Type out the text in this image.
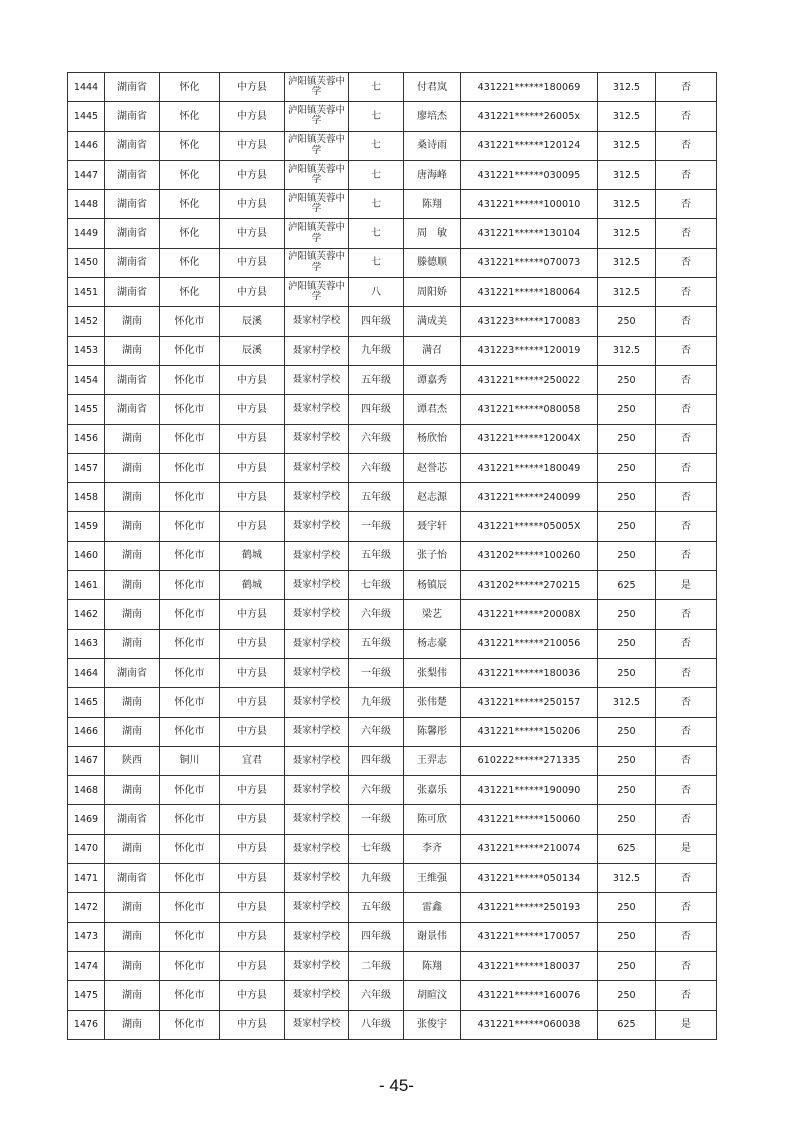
1444	湖南省	怀化	中方县	泸阳镇芙蓉中学	七	付君岚	431221******180069	312.5	否
1445	湖南省	怀化	中方县	泸阳镇芙蓉中学	七	廖培杰	431221******26005x	312.5	否
1446	湖南省	怀化	中方县	泸阳镇芙蓉中学	七	桑诗雨	431221******120124	312.5	否
1447	湖南省	怀化	中方县	泸阳镇芙蓉中学	七	唐海峰	431221******030095	312.5	否
1448	湖南省	怀化	中方县	泸阳镇芙蓉中学	七	陈翔	431221******100010	312.5	否
1449	湖南省	怀化	中方县	泸阳镇芙蓉中学	七	周　敏	431221******130104	312.5	否
1450	湖南省	怀化	中方县	泸阳镇芙蓉中学	七	滕德顺	431221******070073	312.5	否
1451	湖南省	怀化	中方县	泸阳镇芙蓉中学	八	周阳娇	431221******180064	312.5	否
1452	湖南	怀化市	辰溪	聂家村学校	四年级	满成美	431223******170083	250	否
1453	湖南	怀化市	辰溪	聂家村学校	九年级	满召	431223******120019	312.5	否
1454	湖南省	怀化市	中方县	聂家村学校	五年级	谭嘉秀	431221******250022	250	否
1455	湖南省	怀化市	中方县	聂家村学校	四年级	谭君杰	431221******080058	250	否
1456	湖南	怀化市	中方县	聂家村学校	六年级	杨欣怡	431221******12004X	250	否
1457	湖南	怀化市	中方县	聂家村学校	六年级	赵誉芯	431221******180049	250	否
1458	湖南	怀化市	中方县	聂家村学校	五年级	赵志源	431221******240099	250	否
1459	湖南	怀化市	中方县	聂家村学校	一年级	聂宇轩	431221******05005X	250	否
1460	湖南	怀化市	鹤城	聂家村学校	五年级	张子怡	431202******100260	250	否
1461	湖南	怀化市	鹤城	聂家村学校	七年级	杨镇辰	431202******270215	625	是
1462	湖南	怀化市	中方县	聂家村学校	六年级	梁艺	431221******20008X	250	否
1463	湖南	怀化市	中方县	聂家村学校	五年级	杨志豪	431221******210056	250	否
1464	湖南省	怀化市	中方县	聂家村学校	一年级	张梨伟	431221******180036	250	否
1465	湖南	怀化市	中方县	聂家村学校	九年级	张伟楚	431221******250157	312.5	否
1466	湖南	怀化市	中方县	聂家村学校	六年级	陈馨彤	431221******150206	250	否
1467	陕西	铜川	宜君	聂家村学校	四年级	王羿志	610222******271335	250	否
1468	湖南	怀化市	中方县	聂家村学校	六年级	张嘉乐	431221******190090	250	否
1469	湖南省	怀化市	中方县	聂家村学校	一年级	陈可欣	431221******150060	250	否
1470	湖南	怀化市	中方县	聂家村学校	七年级	李齐	431221******210074	625	是
1471	湖南省	怀化市	中方县	聂家村学校	九年级	王维强	431221******050134	312.5	否
1472	湖南	怀化市	中方县	聂家村学校	五年级	雷鑫	431221******250193	250	否
1473	湖南	怀化市	中方县	聂家村学校	四年级	谢景伟	431221******170057	250	否
1474	湖南	怀化市	中方县	聂家村学校	二年级	陈翔	431221******180037	250	否
1475	湖南	怀化市	中方县	聂家村学校	六年级	胡暄汶	431221******160076	250	否
1476	湖南	怀化市	中方县	聂家村学校	八年级	张俊宇	431221******060038	625	是
- 45-
